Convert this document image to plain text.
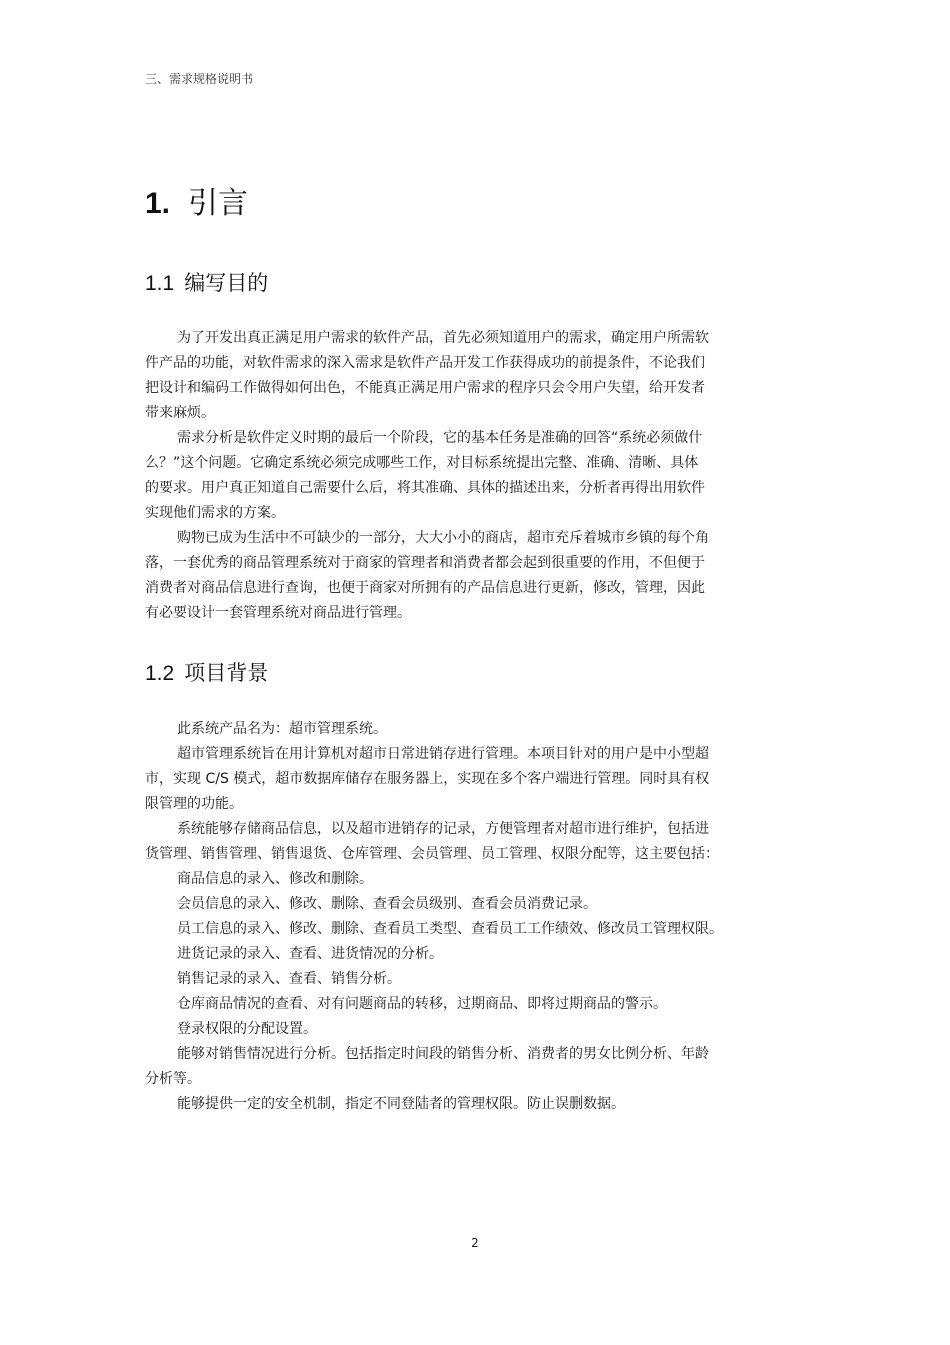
三、需求规格说明书
1. 引言
1.1 编写目的
为了开发出真正满足用户需求的软件产品，首先必须知道用户的需求，确定用户所需软
件产品的功能，对软件需求的深入需求是软件产品开发工作获得成功的前提条件，不论我们
把设计和编码工作做得如何出色，不能真正满足用户需求的程序只会令用户失望，给开发者
带来麻烦。
需求分析是软件定义时期的最后一个阶段，它的基本任务是准确的回答“系统必须做什
么？”这个问题。它确定系统必须完成哪些工作，对目标系统提出完整、准确、清晰、具体
的要求。用户真正知道自己需要什么后，将其准确、具体的描述出来，分析者再得出用软件
实现他们需求的方案。
购物已成为生活中不可缺少的一部分，大大小小的商店，超市充斥着城市乡镇的每个角
落，一套优秀的商品管理系统对于商家的管理者和消费者都会起到很重要的作用，不但便于
消费者对商品信息进行查询，也便于商家对所拥有的产品信息进行更新，修改，管理，因此
有必要设计一套管理系统对商品进行管理。
1.2 项目背景
此系统产品名为：超市管理系统。
超市管理系统旨在用计算机对超市日常进销存进行管理。本项目针对的用户是中小型超
市，实现 C/S 模式，超市数据库储存在服务器上，实现在多个客户端进行管理。同时具有权
限管理的功能。
系统能够存储商品信息，以及超市进销存的记录，方便管理者对超市进行维护，包括进
货管理、销售管理、销售退货、仓库管理、会员管理、员工管理、权限分配等，这主要包括：
商品信息的录入、修改和删除。
会员信息的录入、修改、删除、查看会员级别、查看会员消费记录。
员工信息的录入、修改、删除、查看员工类型、查看员工工作绩效、修改员工管理权限。
进货记录的录入、查看、进货情况的分析。
销售记录的录入、查看、销售分析。
仓库商品情况的查看、对有问题商品的转移，过期商品、即将过期商品的警示。
登录权限的分配设置。
能够对销售情况进行分析。包括指定时间段的销售分析、消费者的男女比例分析、年龄
分析等。
能够提供一定的安全机制，指定不同登陆者的管理权限。防止误删数据。
2
